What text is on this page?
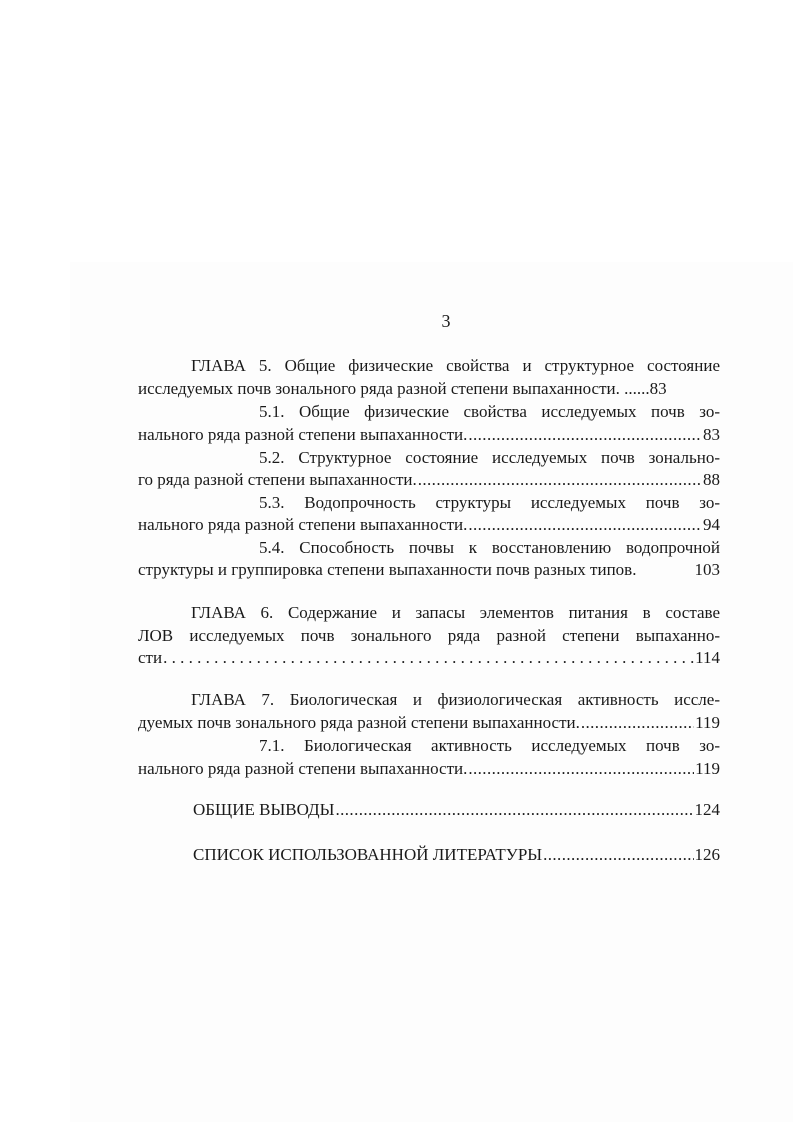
3
ГЛАВА 5. Общие физические свойства и структурное состояние
исследуемых почв зонального ряда разной степени выпаханности. ...... 83
5.1. Общие физические свойства исследуемых почв зо-
нального ряда разной степени выпаханности. .....	83
5.2. Структурное состояние исследуемых почв зонально-
го ряда разной степени выпаханности. .....	88
5.3. Водопрочность структуры исследуемых почв зо-
нального ряда разной степени выпаханности. .....	94
5.4. Способность почвы к восстановлению водопрочной
структуры и группировка степени выпаханности почв разных типов.	103
ГЛАВА 6. Содержание и запасы элементов питания в составе
ЛОВ исследуемых почв зонального ряда разной степени выпаханно-
сти . . .	114
ГЛАВА 7. Биологическая и физиологическая активность иссле-
дуемых почв зонального ряда разной степени выпаханности. .....	119
7.1. Биологическая активность исследуемых почв зо-
нального ряда разной степени выпаханности. .....	119
ОБЩИЕ ВЫВОДЫ .....	124
СПИСОК ИСПОЛЬЗОВАННОЙ ЛИТЕРАТУРЫ .....	126
